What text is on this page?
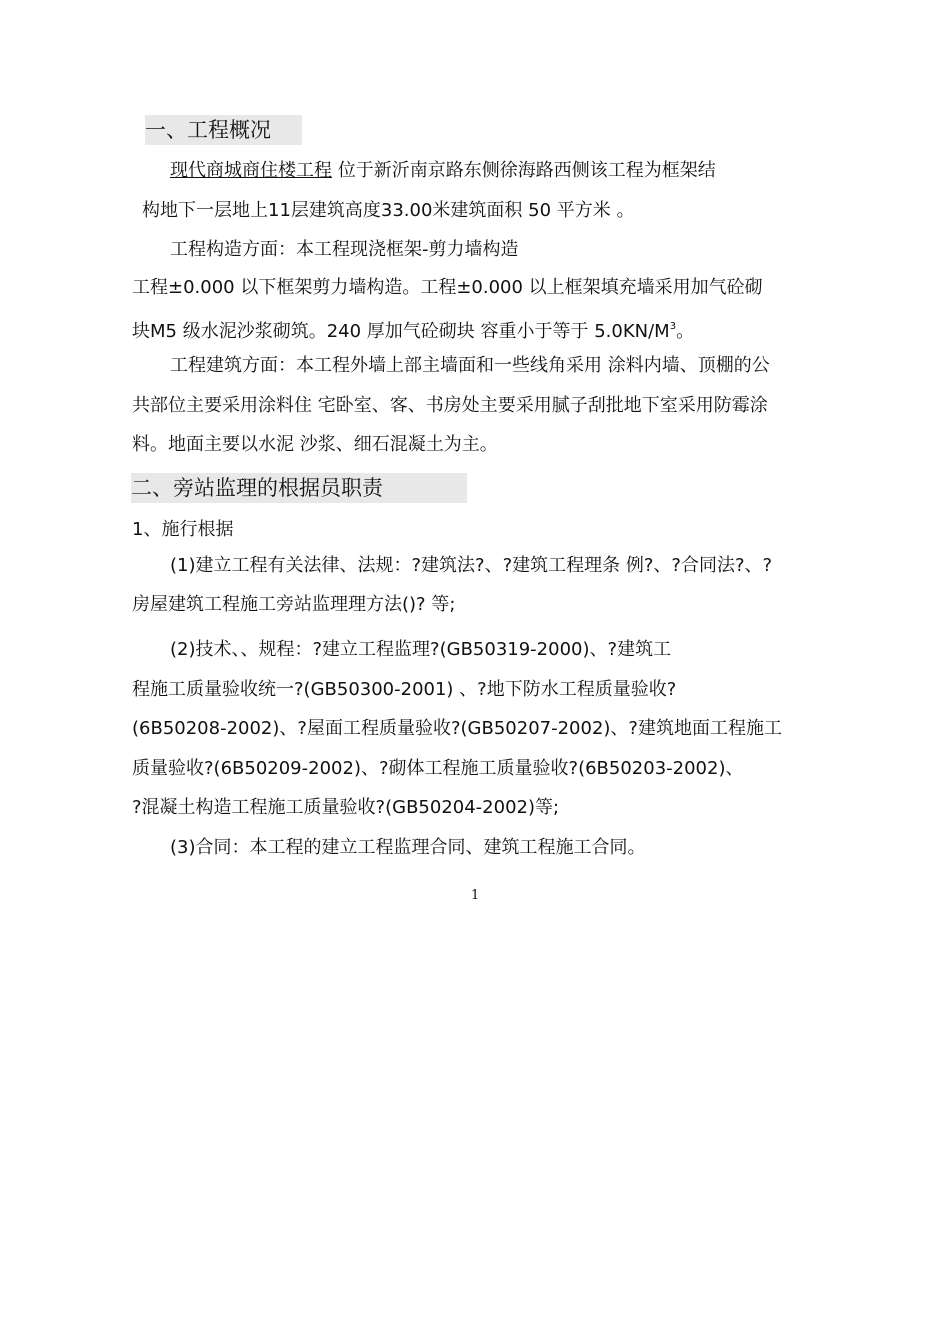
一、工程概况
现代商城商住楼工程 位于新沂南京路东侧徐海路西侧该工程为框架结
构地下一层地上11层建筑高度33.00米建筑面积 50 平方米 。
工程构造方面：本工程现浇框架-剪力墙构造
工程±0.000 以下框架剪力墙构造。工程±0.000 以上框架填充墙采用加气砼砌
块M5 级水泥沙浆砌筑。240 厚加气砼砌块 容重小于等于 $5.0KN/M^3$。
工程建筑方面：本工程外墙上部主墙面和一些线角采用 涂料内墙、顶棚的公
共部位主要采用涂料住 宅卧室、客、书房处主要采用腻子刮批地下室采用防霉涂
料。地面主要以水泥 沙浆、细石混凝土为主。
二、旁站监理的根据员职责
1、施行根据
(1)建立工程有关法律、法规：?建筑法?、?建筑工程理条 例?、?合同法?、?
房屋建筑工程施工旁站监理理方法()? 等;
(2)技术、、规程：?建立工程监理?(GB50319-2000)、?建筑工
程施工质量验收统一?(GB50300-2001) 、?地下防水工程质量验收?
(6B50208-2002)、?屋面工程质量验收?(GB50207-2002)、?建筑地面工程施工
质量验收?(6B50209-2002)、?砌体工程施工质量验收?(6B50203-2002)、
?混凝土构造工程施工质量验收?(GB50204-2002)等;
(3)合同：本工程的建立工程监理合同、建筑工程施工合同。
1
